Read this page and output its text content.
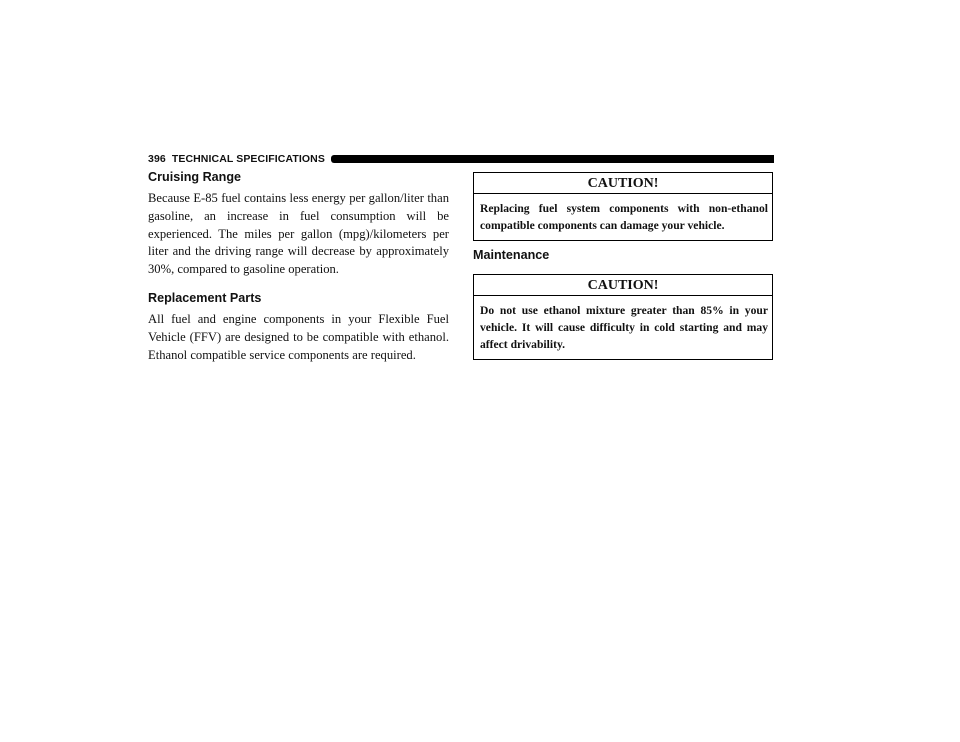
396 TECHNICAL SPECIFICATIONS
Cruising Range

Because E-85 fuel contains less energy per gallon/liter than gasoline, an increase in fuel consumption will be experienced. The miles per gallon (mpg)/kilometers per liter and the driving range will decrease by approximately 30%, compared to gasoline operation.

Replacement Parts

All fuel and engine components in your Flexible Fuel Vehicle (FFV) are designed to be compatible with ethanol. Ethanol compatible service components are required.

CAUTION!
Replacing fuel system components with non-ethanol compatible components can damage your vehicle.
Maintenance
CAUTION!
Do not use ethanol mixture greater than 85% in your vehicle. It will cause difficulty in cold starting and may affect drivability.
